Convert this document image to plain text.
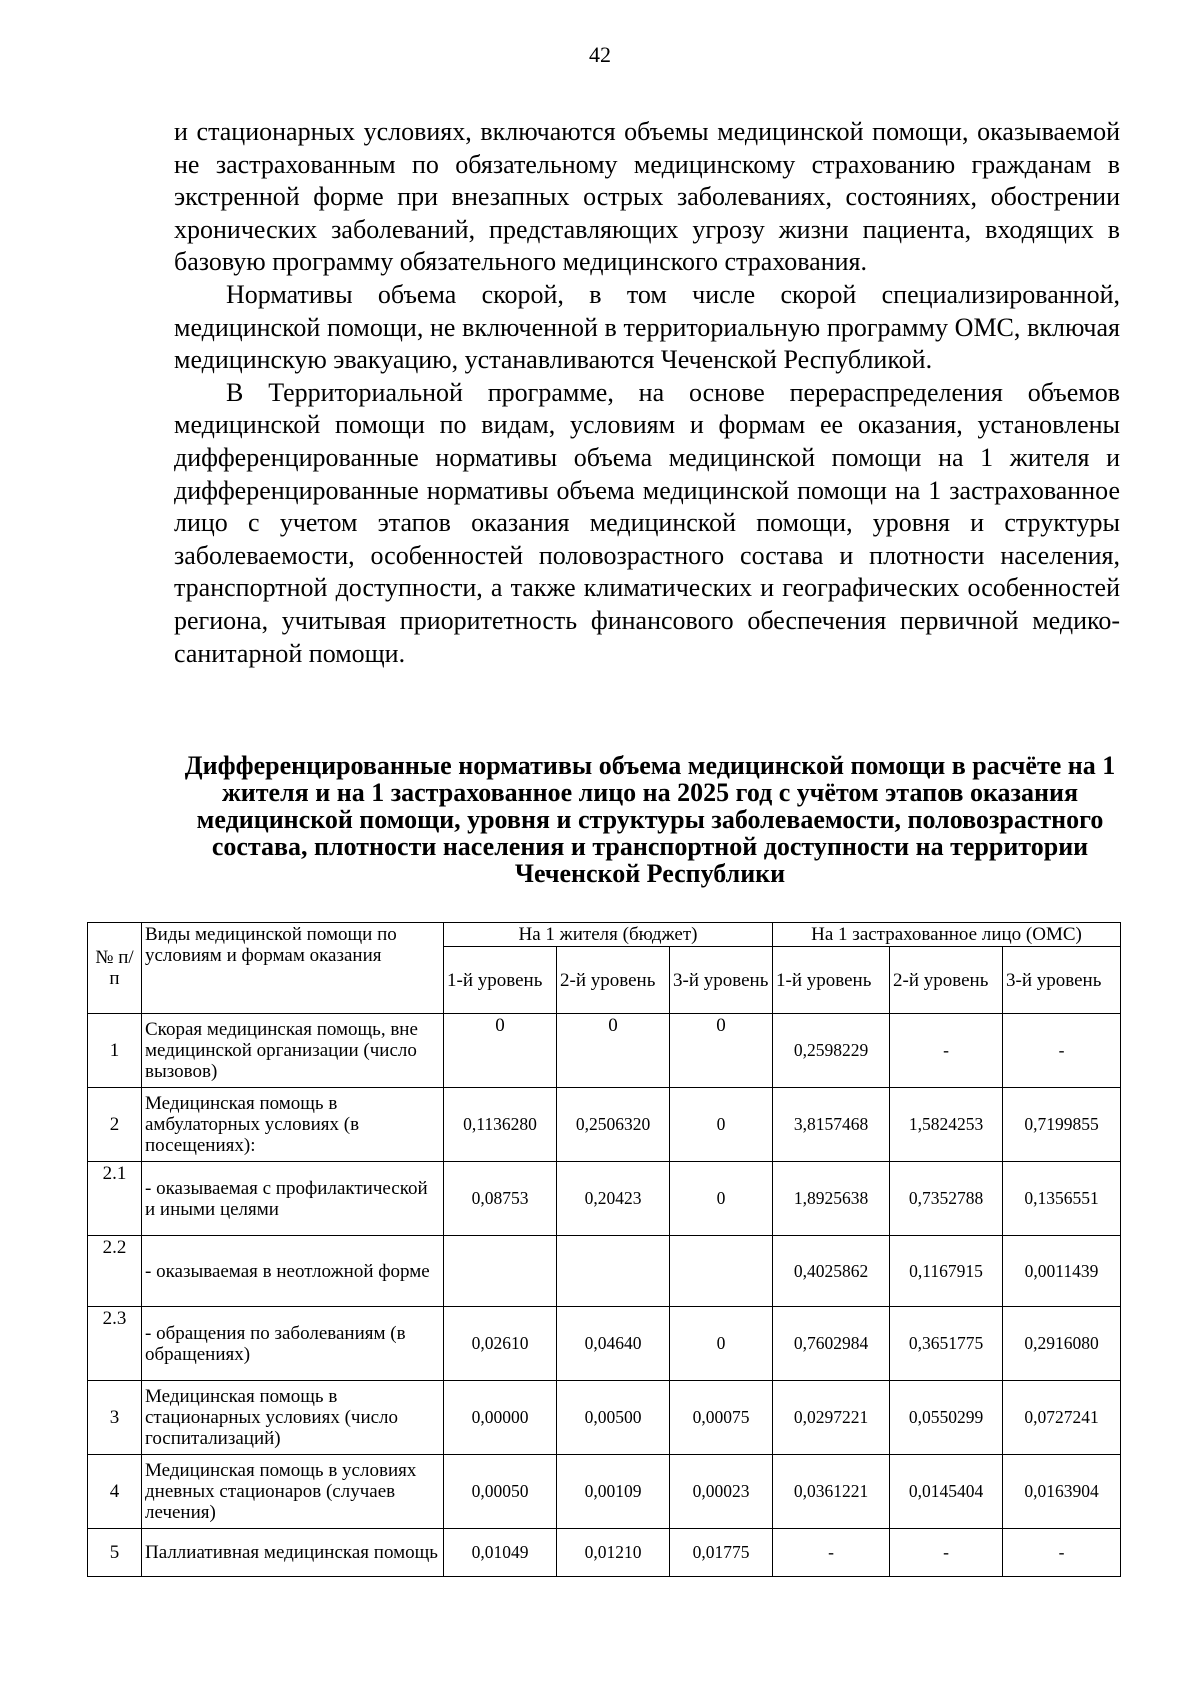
42

и стационарных условиях, включаются объемы медицинской помощи, оказываемой не застрахованным по обязательному медицинскому страхованию гражданам в экстренной форме при внезапных острых заболеваниях, состояниях, обострении хронических заболеваний, представляющих угрозу жизни пациента, входящих в базовую программу обязательного медицинского страхования.

Нормативы объема скорой, в том числе скорой специализированной, медицинской помощи, не включенной в территориальную программу ОМС, включая медицинскую эвакуацию, устанавливаются Чеченской Республикой.

В Территориальной программе, на основе перераспределения объемов медицинской помощи по видам, условиям и формам ее оказания, установлены дифференцированные нормативы объема медицинской помощи на 1 жителя и дифференцированные нормативы объема медицинской помощи на 1 застрахованное лицо с учетом этапов оказания медицинской помощи, уровня и структуры заболеваемости, особенностей половозрастного состава и плотности населения, транспортной доступности, а также климатических и географических особенностей региона, учитывая приоритетность финансового обеспечения первичной медико-санитарной помощи.

Дифференцированные нормативы объема медицинской помощи в расчёте на 1 жителя и на 1 застрахованное лицо на 2025 год с учётом этапов оказания медицинской помощи, уровня и структуры заболеваемости, половозрастного состава, плотности населения и транспортной доступности на территории Чеченской Республики
№ п/п	Виды медицинской помощи по условиям и формам оказания	На 1 жителя (бюджет)			На 1 застрахованное лицо (ОМС)		
		1-й уровень	2-й уровень	3-й уровень	1-й уровень	2-й уровень	3-й уровень
1	Скорая медицинская помощь, вне медицинской организации (число вызовов)	0	0	0	0,2598229	-	-
2	Медицинская помощь в амбулаторных условиях (в посещениях):	0,1136280	0,2506320	0	3,8157468	1,5824253	0,7199855
2.1	- оказываемая с профилактической и иными целями	0,08753	0,20423	0	1,8925638	0,7352788	0,1356551
2.2	- оказываемая в неотложной форме				0,4025862	0,1167915	0,0011439
2.3	- обращения по заболеваниям (в обращениях)	0,02610	0,04640	0	0,7602984	0,3651775	0,2916080
3	Медицинская помощь в стационарных условиях (число госпитализаций)	0,00000	0,00500	0,00075	0,0297221	0,0550299	0,0727241
4	Медицинская помощь в условиях дневных стационаров (случаев лечения)	0,00050	0,00109	0,00023	0,0361221	0,0145404	0,0163904
5	Паллиативная медицинская помощь	0,01049	0,01210	0,01775	-	-	-
